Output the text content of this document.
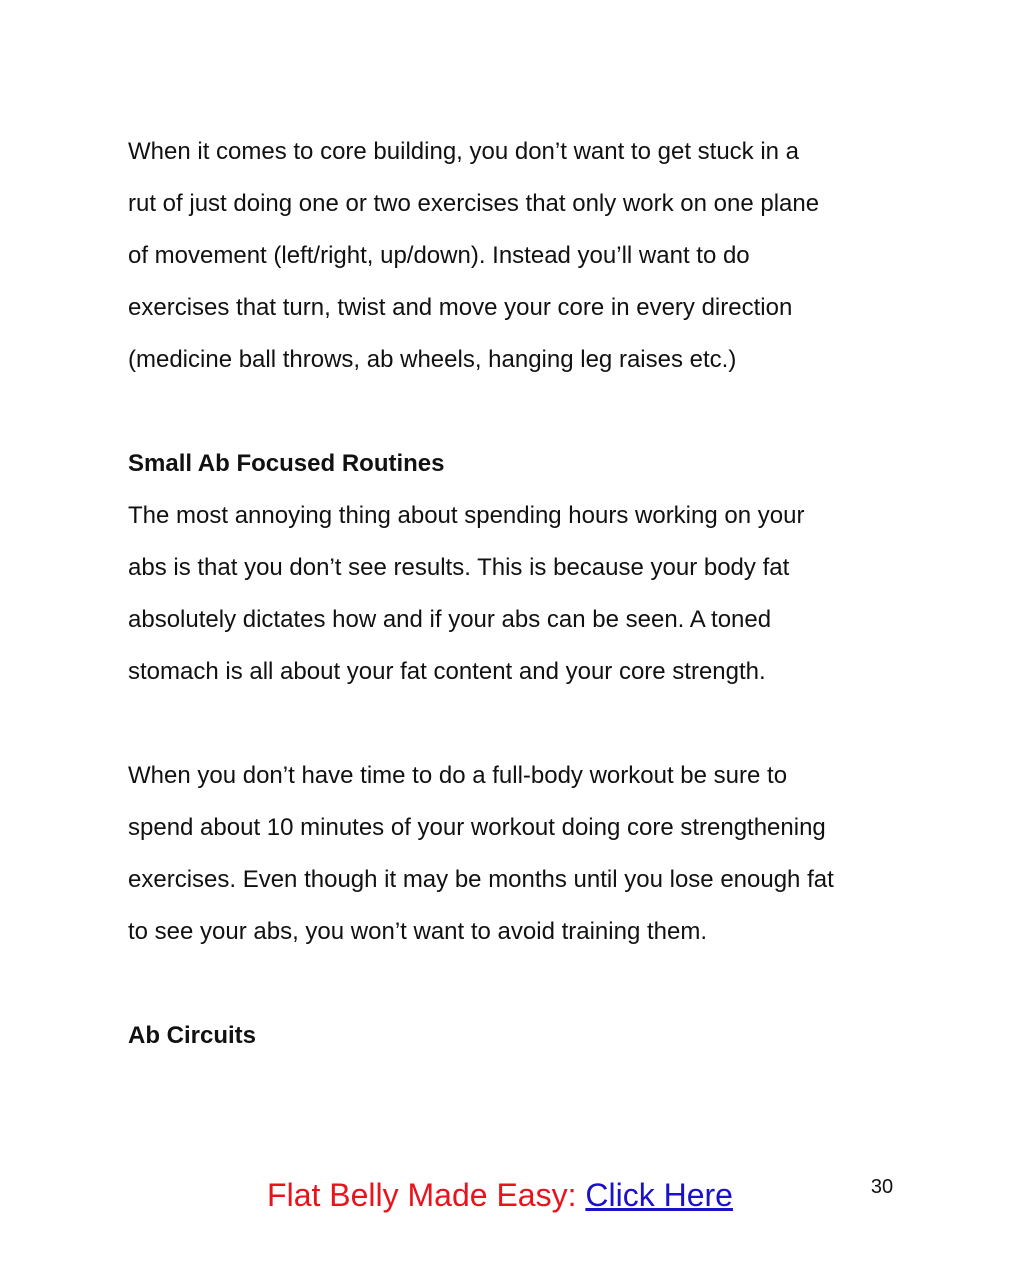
When it comes to core building, you don’t want to get stuck in a

rut of just doing one or two exercises that only work on one plane

of movement (left/right, up/down). Instead you’ll want to do

exercises that turn, twist and move your core in every direction

(medicine ball throws, ab wheels, hanging leg raises etc.)

Small Ab Focused Routines

The most annoying thing about spending hours working on your

abs is that you don’t see results. This is because your body fat

absolutely dictates how and if your abs can be seen. A toned

stomach is all about your fat content and your core strength.

When you don’t have time to do a full-body workout be sure to

spend about 10 minutes of your workout doing core strengthening

exercises. Even though it may be months until you lose enough fat

to see your abs, you won’t want to avoid training them.

Ab Circuits
Flat Belly Made Easy: Click Here	30
